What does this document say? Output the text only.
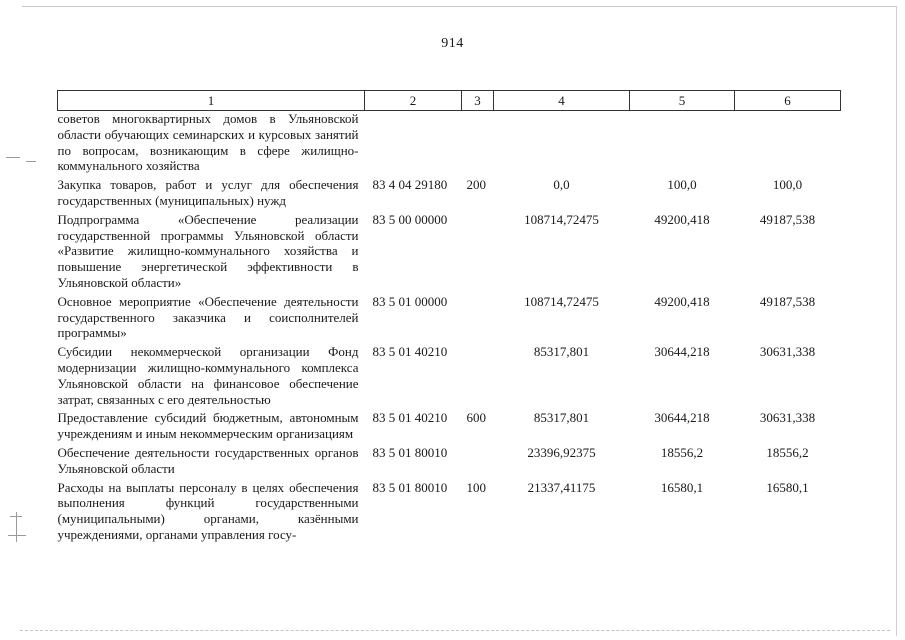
914
1	2	3	4	5	6
советов многоквартирных домов в Ульяновской области обучающих семинарских и курсовых занятий по вопросам, возникающим в сфере жилищно-коммунального хозяйства					
Закупка товаров, работ и услуг для обеспечения государственных (муниципальных) нужд	83 4 04 29180	200	0,0	100,0	100,0
Подпрограмма «Обеспечение реализации государственной программы Ульяновской области «Развитие жилищно-коммунального хозяйства и повышение энергетической эффективности в Ульяновской области»	83 5 00 00000		108714,72475	49200,418	49187,538
Основное мероприятие «Обеспечение деятельности государственного заказчика и соисполнителей программы»	83 5 01 00000		108714,72475	49200,418	49187,538
Субсидии некоммерческой организации Фонд модернизации жилищно-коммунального комплекса Ульяновской области на финансовое обеспечение затрат, связанных с его деятельностью	83 5 01 40210		85317,801	30644,218	30631,338
Предоставление субсидий бюджетным, автономным учреждениям и иным некоммерческим организациям	83 5 01 40210	600	85317,801	30644,218	30631,338
Обеспечение деятельности государственных органов Ульяновской области	83 5 01 80010		23396,92375	18556,2	18556,2
Расходы на выплаты персоналу в целях обеспечения выполнения функций государственными (муниципальными) органами, казёнными учреждениями, органами управления госу-	83 5 01 80010	100	21337,41175	16580,1	16580,1
